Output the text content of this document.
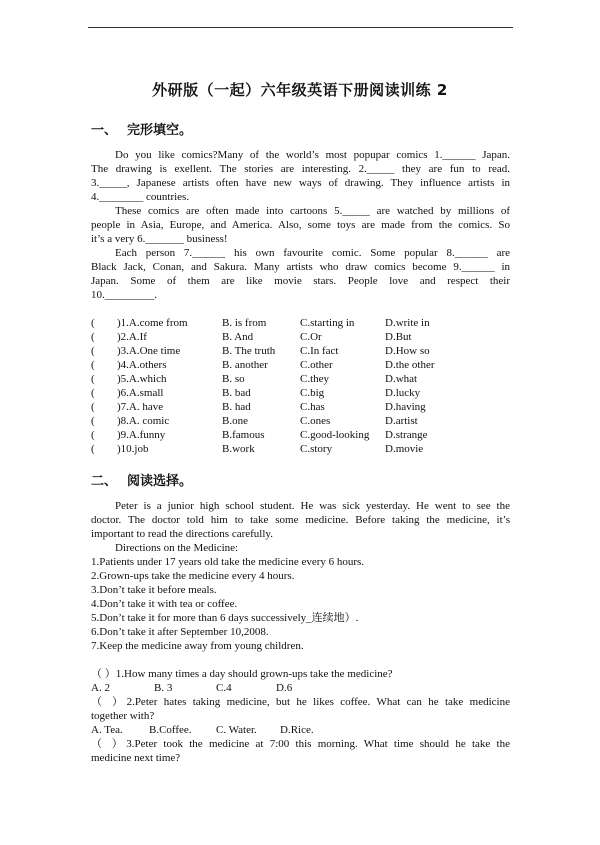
外研版（一起）六年级英语下册阅读训练 2
一、 完形填空。
Do you like comics?Many of the world’s most popupar comics 1.______ Japan.
The drawing is exellent. The stories are interesting. 2._____ they are fun to read.
3._____, Japanese artists often have new ways of drawing. They influence artists in
4.________ countries.
These comics are often made into cartoons 5._____ are watched by millions of
people in Asia, Europe, and America. Also, some toys are made from the comics. So
it’s a very 6._______ business!
Each person 7.______ his own favourite comic. Some popular 8.______ are
Black Jack, Conan, and Sakura. Many artists who draw comics become 9.______ in
Japan. Some of them are like movie stars. People love and respect their
10._________.
( )1.A.come from	B. is from	C.starting in	D.write in
( )2.A.If	B. And	C.Or	D.But
( )3.A.One time	B. The truth C.In fact	D.How so
( )4.A.others	B. another	C.other	D.the other
( )5.A.which	B. so	C.they	D.what
( )6.A.small	B. bad	C.big	D.lucky
( )7.A. have	B. had	C.has	D.having
( )8.A. comic	B.one	C.ones	D.artist
( )9.A.funny	B.famous	C.good-looking D.strange
( )10.job	B.work	C.story	D.movie
二、 阅读选择。
Peter is a junior high school student. He was sick yesterday. He went to see the
doctor. The doctor told him to take some medicine. Before taking the medicine, it’s
important to read the directions carefully.
Directions on the Medicine:
1.Patients under 17 years old take the medicine every 6 hours.
2.Grown-ups take the medicine every 4 hours.
3.Don’t take it before meals.
4.Don’t take it with tea or coffee.
5.Don’t take it for more than 6 days successively_连续地）.
6.Don’t take it after September 10,2008.
7.Keep the medicine away from young children.
（ ）1.How many times a day should grown-ups take the medicine?
A. 2	B. 3	C.4	D.6
（ ）2.Peter hates taking medicine, but he likes coffee. What can he take medicine
together with?
A. Tea. B.Coffee. C. Water. D.Rice.
（ ）3.Peter took the medicine at 7:00 this morning. What time should he take the
medicine next time?
